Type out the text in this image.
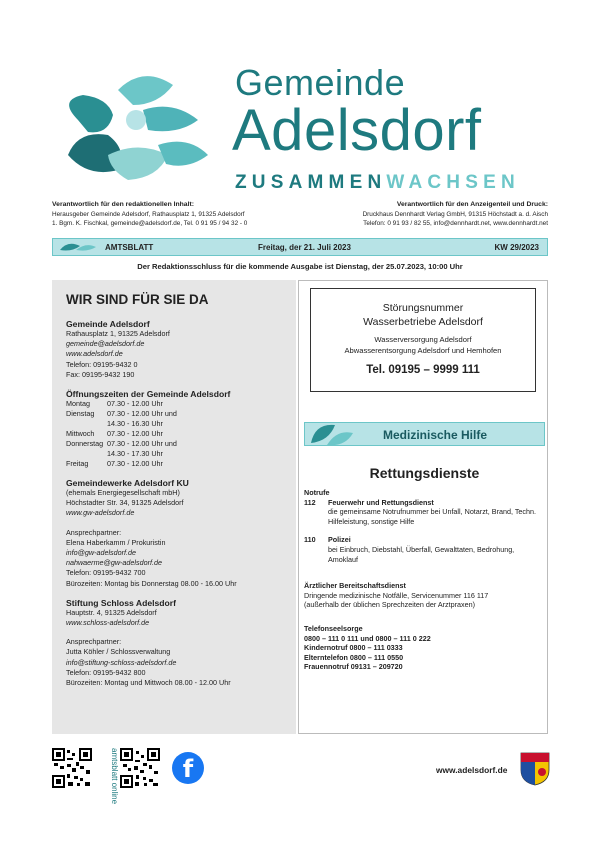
Gemeinde
Adelsdorf
ZUSAMMENWACHSEN
Verantwortlich für den redaktionellen Inhalt:
Herausgeber Gemeinde Adelsdorf, Rathausplatz 1, 91325 Adelsdorf
1. Bgm. K. Fischkal, gemeinde@adelsdorf.de, Tel. 0 91 95 / 94 32 - 0
Verantwortlich für den Anzeigenteil und Druck:
Druckhaus Dennhardt Verlag GmbH, 91315 Höchstadt a. d. Aisch
Telefon: 0 91 93 / 82 55, info@dennhardt.net, www.dennhardt.net
AMTSBLATT	Freitag, der 21. Juli 2023	KW 29/2023
Der Redaktionsschluss für die kommende Ausgabe ist Dienstag, der 25.07.2023, 10:00 Uhr
WIR SIND FÜR SIE DA
Gemeinde Adelsdorf
Rathausplatz 1, 91325 Adelsdorf
gemeinde@adelsdorf.de
www.adelsdorf.de
Telefon: 09195-9432 0
Fax: 09195-9432 190
Öffnungszeiten der Gemeinde Adelsdorf
Montag	07.30 - 12.00 Uhr
Dienstag	07.30 - 12.00 Uhr und
	14.30 - 16.30 Uhr
Mittwoch	07.30 - 12.00 Uhr
Donnerstag	07.30 - 12.00 Uhr und
	14.30 - 17.30 Uhr
Freitag	07.30 - 12.00 Uhr
Gemeindewerke Adelsdorf KU
(ehemals Energiegesellschaft mbH)
Höchstadter Str. 34, 91325 Adelsdorf
www.gw-adelsdorf.de
Ansprechpartner:
Elena Haberkamm / Prokuristin
info@gw-adelsdorf.de
nahwaerme@gw-adelsdorf.de
Telefon: 09195-9432 700
Bürozeiten: Montag bis Donnerstag 08.00 - 16.00 Uhr
Stiftung Schloss Adelsdorf
Hauptstr. 4, 91325 Adelsdorf
www.schloss-adelsdorf.de
Ansprechpartner:
Jutta Köhler / Schlossverwaltung
info@stiftung-schloss-adelsdorf.de
Telefon: 09195-9432 800
Bürozeiten: Montag und Mittwoch 08.00 - 12.00 Uhr
Störungsnummer
Wasserbetriebe Adelsdorf
Wasserversorgung Adelsdorf
Abwasserentsorgung Adelsdorf und Hemhofen
Tel. 09195 – 9999 111
Medizinische Hilfe
Rettungsdienste
Notrufe
112	Feuerwehr und Rettungsdienst
die gemeinsame Notrufnummer bei Unfall, Notarzt, Brand, Techn. Hilfeleistung, sonstige Hilfe
110	Polizei
bei Einbruch, Diebstahl, Überfall, Gewalttaten, Bedrohung, Amoklauf
Ärztlicher Bereitschaftsdienst
Dringende medizinische Notfälle, Servicenummer 116 117
(außerhalb der üblichen Sprechzeiten der Arztpraxen)
Telefonseelsorge
0800 – 111 0 111 und 0800 – 111 0 222
Kindernotruf 0800 – 111 0333
Elterntelefon 0800 – 111 0550
Frauennotruf 09131 – 209720
amtsblatt online	f	www.adelsdorf.de
